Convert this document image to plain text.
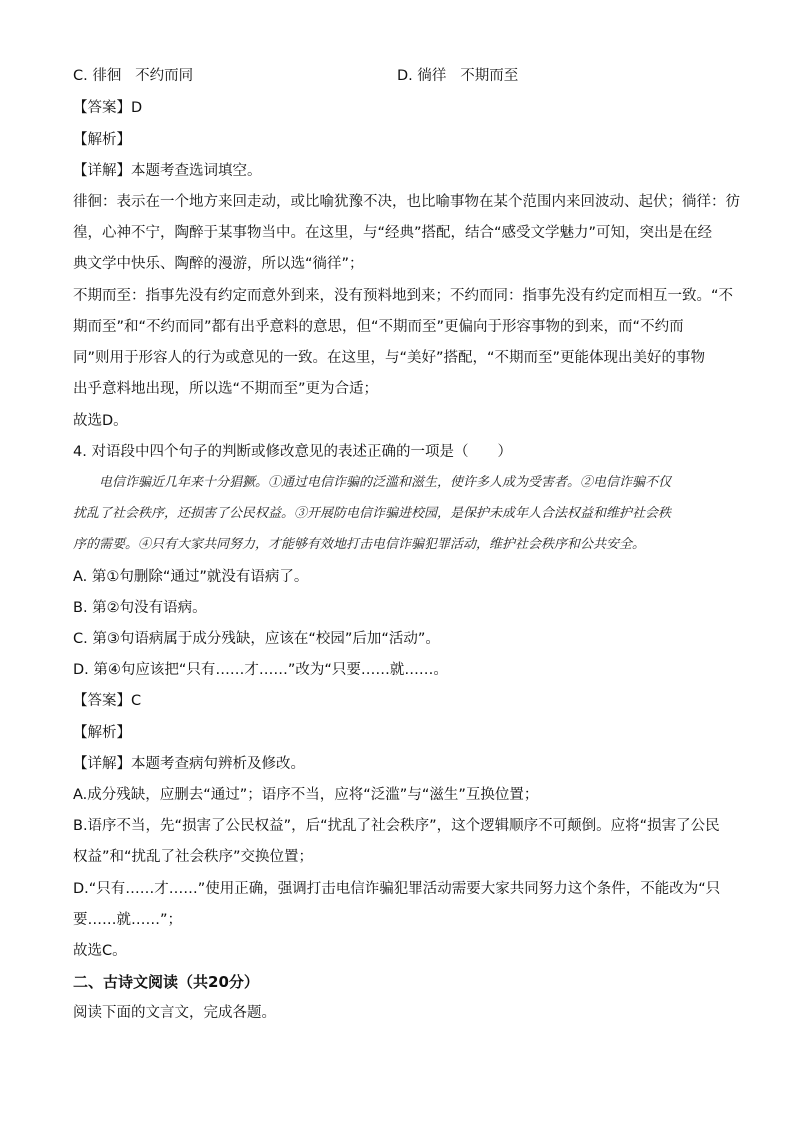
C. 徘徊   不约而同	D. 徜徉   不期而至
【答案】D
【解析】
【详解】本题考查选词填空。
徘徊：表示在一个地方来回走动，或比喻犹豫不决，也比喻事物在某个范围内来回波动、起伏；徜徉：彷
徨，心神不宁，陶醉于某事物当中。在这里，与“经典”搭配，结合“感受文学魅力”可知，突出是在经
典文学中快乐、陶醉的漫游，所以选“徜徉”；
不期而至：指事先没有约定而意外到来，没有预料地到来；不约而同：指事先没有约定而相互一致。“不
期而至”和“不约而同”都有出乎意料的意思，但“不期而至”更偏向于形容事物的到来，而“不约而
同”则用于形容人的行为或意见的一致。在这里，与“美好”搭配，“不期而至”更能体现出美好的事物
出乎意料地出现，所以选“不期而至”更为合适；
故选D。
4. 对语段中四个句子的判断或修改意见的表述正确的一项是（　　）
　　电信诈骗近几年来十分猖獗。①通过电信诈骗的泛滥和滋生，使许多人成为受害者。②电信诈骗不仅
扰乱了社会秩序，还损害了公民权益。③开展防电信诈骗进校园，是保护未成年人合法权益和维护社会秩
序的需要。④只有大家共同努力，才能够有效地打击电信诈骗犯罪活动，维护社会秩序和公共安全。
A. 第①句删除“通过”就没有语病了。
B. 第②句没有语病。
C. 第③句语病属于成分残缺，应该在“校园”后加“活动”。
D. 第④句应该把“只有……才……”改为“只要……就……。
【答案】C
【解析】
【详解】本题考查病句辨析及修改。
A.成分残缺，应删去“通过”；语序不当，应将“泛滥”与“滋生”互换位置；
B.语序不当，先“损害了公民权益”，后“扰乱了社会秩序”，这个逻辑顺序不可颠倒。应将“损害了公民
权益”和“扰乱了社会秩序”交换位置；
D.“只有……才……”使用正确，强调打击电信诈骗犯罪活动需要大家共同努力这个条件，不能改为“只
要……就……”；
故选C。
二、古诗文阅读（共20分）
阅读下面的文言文，完成各题。
